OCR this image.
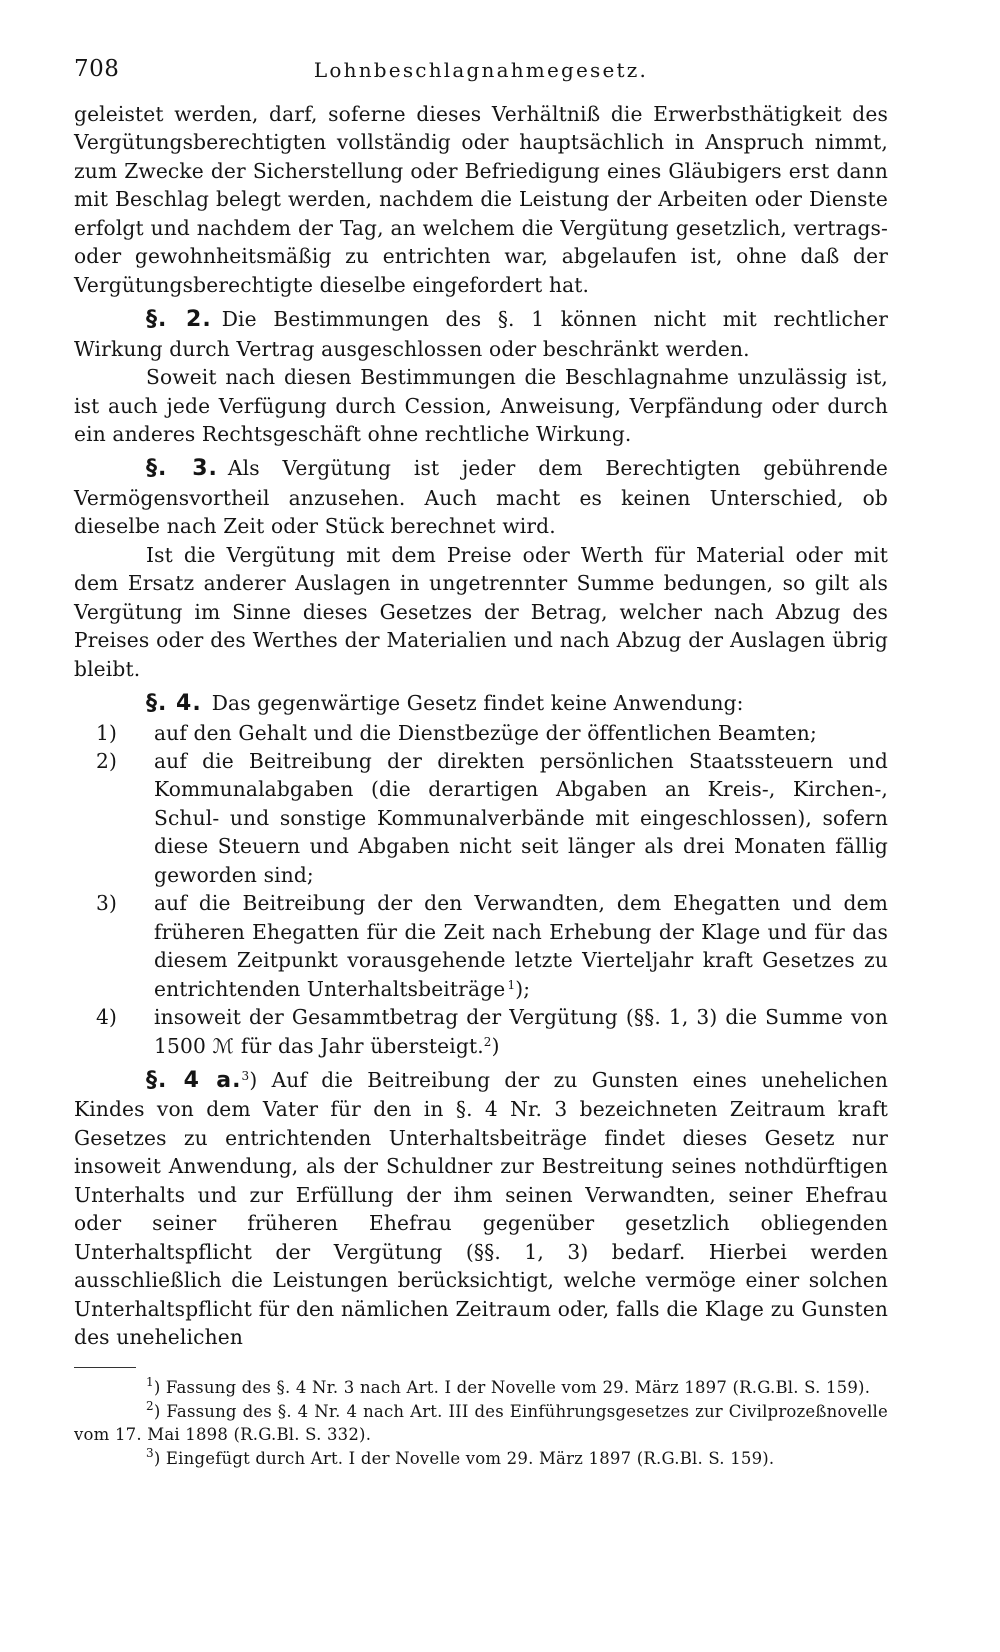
708	Lohnbeschlagnahmegesetz.

geleistet werden, darf, soferne dieses Verhältniß die Erwerbsthätigkeit des Vergütungsberechtigten vollständig oder hauptsächlich in Anspruch nimmt, zum Zwecke der Sicherstellung oder Befriedigung eines Gläubigers erst dann mit Beschlag belegt werden, nachdem die Leistung der Arbeiten oder Dienste erfolgt und nachdem der Tag, an welchem die Vergütung gesetzlich, vertrags- oder gewohnheitsmäßig zu entrichten war, abgelaufen ist, ohne daß der Vergütungsberechtigte dieselbe eingefordert hat.

§. 2. Die Bestimmungen des §. 1 können nicht mit rechtlicher Wirkung durch Vertrag ausgeschlossen oder beschränkt werden.

Soweit nach diesen Bestimmungen die Beschlagnahme unzulässig ist, ist auch jede Verfügung durch Cession, Anweisung, Verpfändung oder durch ein anderes Rechtsgeschäft ohne rechtliche Wirkung.

§. 3. Als Vergütung ist jeder dem Berechtigten gebührende Vermögensvortheil anzusehen. Auch macht es keinen Unterschied, ob dieselbe nach Zeit oder Stück berechnet wird.

Ist die Vergütung mit dem Preise oder Werth für Material oder mit dem Ersatz anderer Auslagen in ungetrennter Summe bedungen, so gilt als Vergütung im Sinne dieses Gesetzes der Betrag, welcher nach Abzug des Preises oder des Werthes der Materialien und nach Abzug der Auslagen übrig bleibt.

§. 4. Das gegenwärtige Gesetz findet keine Anwendung:

1)	auf den Gehalt und die Dienstbezüge der öffentlichen Beamten;
2)	auf die Beitreibung der direkten persönlichen Staatssteuern und Kommunalabgaben (die derartigen Abgaben an Kreis-, Kirchen-, Schul- und sonstige Kommunalverbände mit eingeschlossen), sofern diese Steuern und Abgaben nicht seit länger als drei Monaten fällig geworden sind;
3)	auf die Beitreibung der den Verwandten, dem Ehegatten und dem früheren Ehegatten für die Zeit nach Erhebung der Klage und für das diesem Zeitpunkt vorausgehende letzte Vierteljahr kraft Gesetzes zu entrichtenden Unterhaltsbeiträge  $^1$);
4)	insoweit der Gesammtbetrag der Vergütung (§§. 1, 3) die Summe von 1500 ℳ für das Jahr übersteigt.$^2$)

§. 4 a.$^3$) Auf die Beitreibung der zu Gunsten eines unehelichen Kindes von dem Vater für den in §. 4 Nr. 3 bezeichneten Zeitraum kraft Gesetzes zu entrichtenden Unterhaltsbeiträge findet dieses Gesetz nur insoweit Anwendung, als der Schuldner zur Bestreitung seines nothdürftigen Unterhalts und zur Erfüllung der ihm seinen Verwandten, seiner Ehefrau oder seiner früheren Ehefrau gegenüber gesetzlich obliegenden Unterhaltspflicht der Vergütung (§§. 1, 3) bedarf. Hierbei werden ausschließlich die Leistungen berücksichtigt, welche vermöge einer solchen Unterhaltspflicht für den nämlichen Zeitraum oder, falls die Klage zu Gunsten des unehelichen

$^1$) Fassung des §. 4 Nr. 3 nach Art. I der Novelle vom 29. März 1897 (R.G.Bl. S. 159).

$^2$) Fassung des §. 4 Nr. 4 nach Art. III des Einführungsgesetzes zur Civilprozeßnovelle vom 17. Mai 1898 (R.G.Bl. S. 332).

$^3$) Eingefügt durch Art. I der Novelle vom 29. März 1897 (R.G.Bl. S. 159).
